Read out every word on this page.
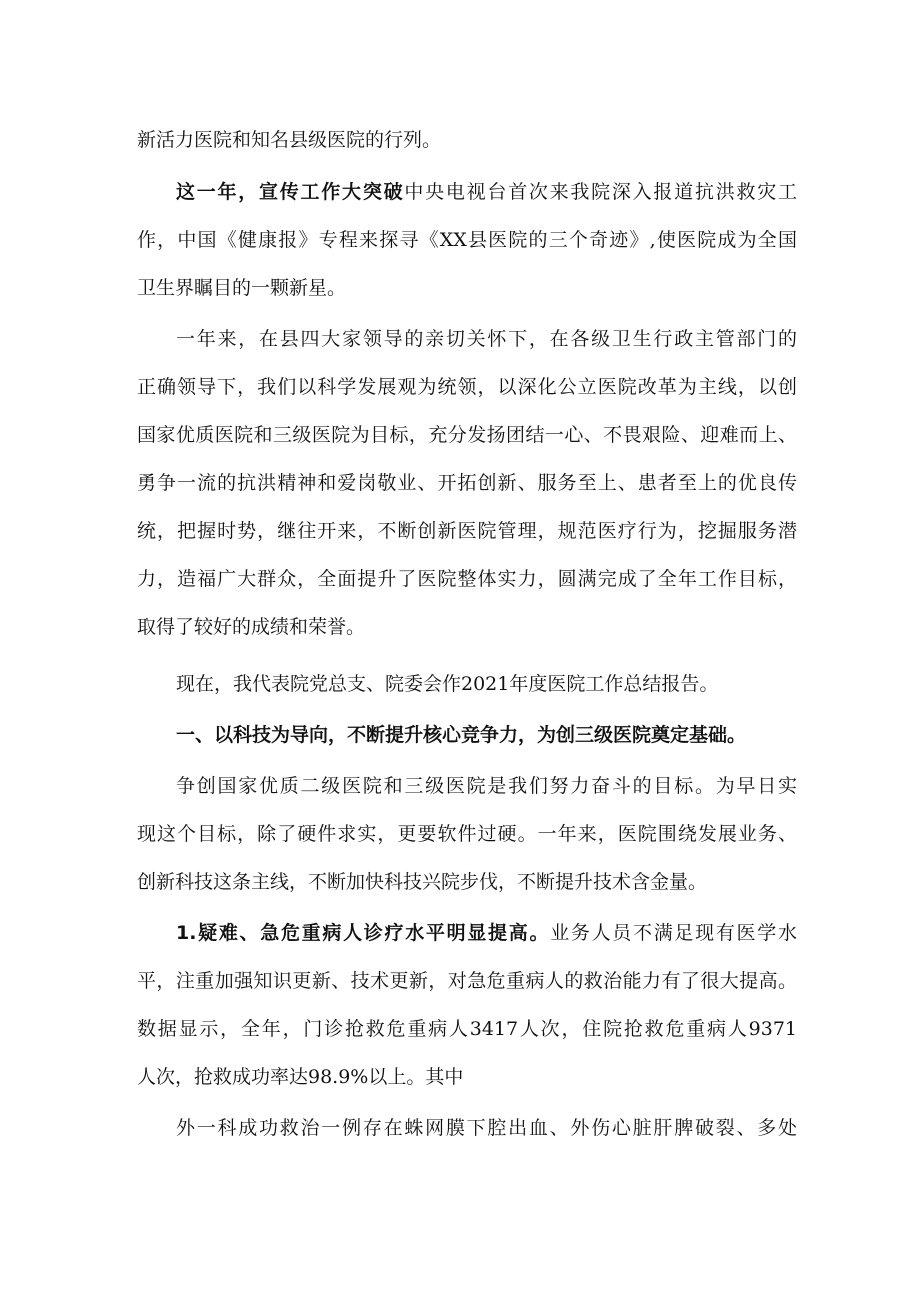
新活力医院和知名县级医院的行列。
这一年，宣传工作大突破中央电视台首次来我院深入报道抗洪救灾工
作，中国《健康报》专程来探寻《XX县医院的三个奇迹》,使医院成为全国
卫生界瞩目的一颗新星。
一年来，在县四大家领导的亲切关怀下，在各级卫生行政主管部门的
正确领导下，我们以科学发展观为统领，以深化公立医院改革为主线，以创
国家优质医院和三级医院为目标，充分发扬团结一心、不畏艰险、迎难而上、
勇争一流的抗洪精神和爱岗敬业、开拓创新、服务至上、患者至上的优良传
统，把握时势，继往开来，不断创新医院管理，规范医疗行为，挖掘服务潜
力，造福广大群众，全面提升了医院整体实力，圆满完成了全年工作目标，
取得了较好的成绩和荣誉。
现在，我代表院党总支、院委会作2021年度医院工作总结报告。
一、以科技为导向，不断提升核心竞争力，为创三级医院奠定基础。
争创国家优质二级医院和三级医院是我们努力奋斗的目标。为早日实
现这个目标，除了硬件求实，更要软件过硬。一年来，医院围绕发展业务、
创新科技这条主线，不断加快科技兴院步伐，不断提升技术含金量。
1.疑难、急危重病人诊疗水平明显提高。业务人员不满足现有医学水
平，注重加强知识更新、技术更新，对急危重病人的救治能力有了很大提高。
数据显示，全年，门诊抢救危重病人3417人次，住院抢救危重病人9371
人次，抢救成功率达98.9%以上。其中
外一科成功救治一例存在蛛网膜下腔出血、外伤心脏肝脾破裂、多处
